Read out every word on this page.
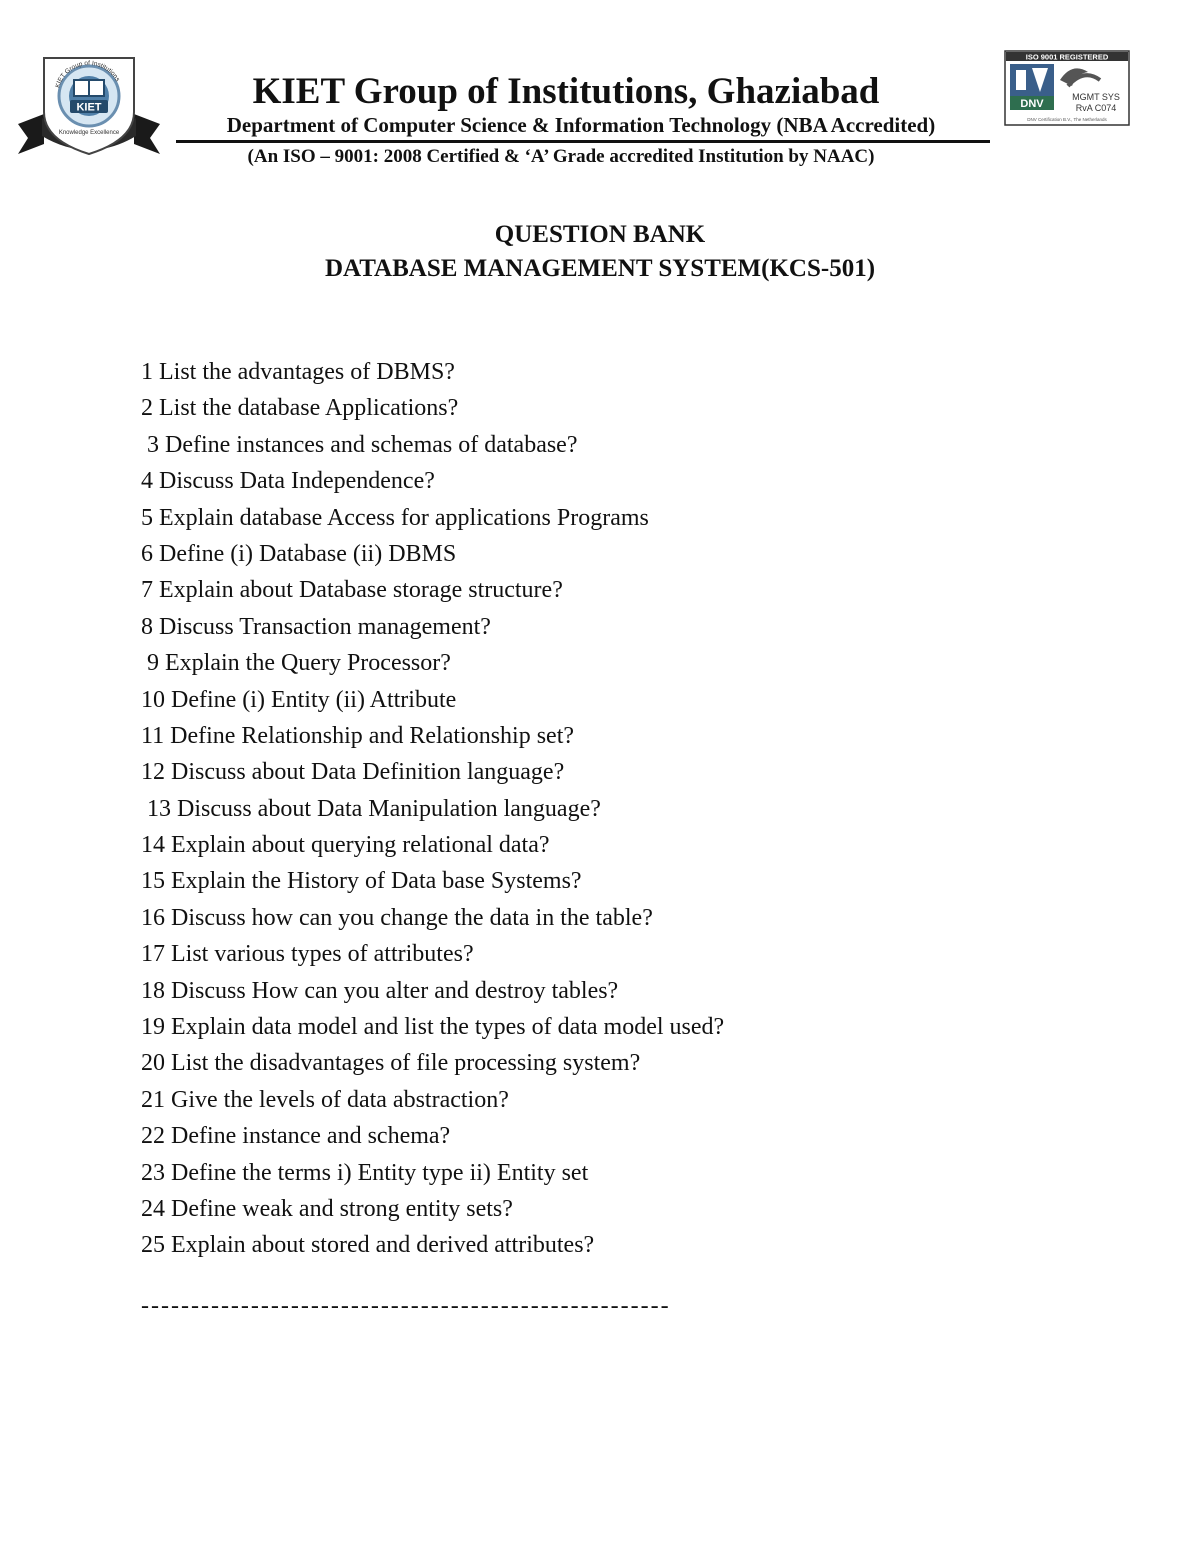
KIET
KIET Group of Institutions
Knowledge Excellence
ISO 9001 REGISTERED
DNV
MGMT SYS
RvA C074
DNV Certification B.V., The Netherlands
KIET Group of Institutions, Ghaziabad
Department of Computer Science & Information Technology (NBA Accredited)
(An ISO – 9001: 2008 Certified & ‘A’ Grade accredited Institution by NAAC)
QUESTION BANK
DATABASE MANAGEMENT SYSTEM(KCS-501)
1 List the advantages of DBMS?
2 List the database Applications?
3 Define instances and schemas of database?
4 Discuss Data Independence?
5 Explain database Access for applications Programs
6 Define (i) Database (ii) DBMS
7 Explain about Database storage structure?
8 Discuss Transaction management?
9 Explain the Query Processor?
10 Define (i) Entity (ii) Attribute
11 Define Relationship and Relationship set?
12 Discuss about Data Definition language?
13 Discuss about Data Manipulation language?
14 Explain about querying relational data?
15 Explain the History of Data base Systems?
16 Discuss how can you change the data in the table?
17 List various types of attributes?
18 Discuss How can you alter and destroy tables?
19 Explain data model and list the types of data model used?
20 List the disadvantages of file processing system?
21 Give the levels of data abstraction?
22 Define instance and schema?
23 Define the terms i) Entity type ii) Entity set
24 Define weak and strong entity sets?
25 Explain about stored and derived attributes?
-----------------------------------------------------
